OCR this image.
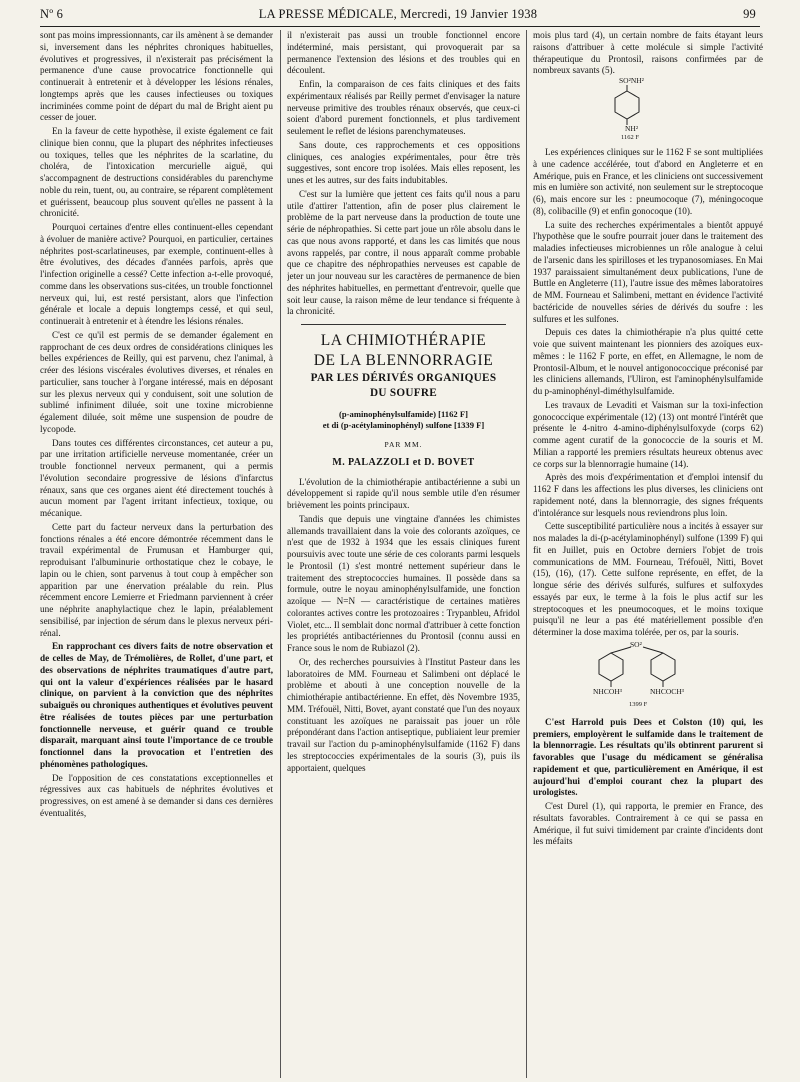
Nº 6	LA PRESSE MÉDICALE, Mercredi, 19 Janvier 1938	99

sont pas moins impressionnants, car ils amènent à se demander si, inversement dans les néphrites chroniques habituelles, évolutives et progressives, il n'existerait pas précisément la permanence d'une cause provocatrice fonctionnelle qui continuerait à entretenir et à développer les lésions rénales, longtemps après que les causes infectieuses ou toxiques incriminées comme point de départ du mal de Bright aient pu cesser de jouer.

En la faveur de cette hypothèse, il existe également ce fait clinique bien connu, que la plupart des néphrites infectieuses ou toxiques, telles que les néphrites de la scarlatine, du choléra, de l'intoxication mercurielle aiguë, qui s'accompagnent de destructions considérables du parenchyme noble du rein, tuent, ou, au contraire, se réparent complètement et guérissent, beaucoup plus souvent qu'elles ne passent à la chronicité.

Pourquoi certaines d'entre elles continuent-elles cependant à évoluer de manière active? Pourquoi, en particulier, certaines néphrites post-scarlatineuses, par exemple, continuent-elles à être évolutives, des décades d'années parfois, après que l'infection originelle a cessé? Cette infection a-t-elle provoqué, comme dans les observations sus-citées, un trouble fonctionnel nerveux qui, lui, est resté persistant, alors que l'infection générale et locale a depuis longtemps cessé, et qui seul, continuerait à entretenir et à étendre les lésions rénales.

C'est ce qu'il est permis de se demander également en rapprochant de ces deux ordres de considérations cliniques les belles expériences de Reilly, qui est parvenu, chez l'animal, à créer des lésions viscérales évolutives diverses, et rénales en particulier, sans toucher à l'organe intéressé, mais en déposant sur les plexus nerveux qui y conduisent, soit une solution de sublimé infiniment diluée, soit une toxine microbienne également diluée, soit même une suspension de poudre de lycopode.

Dans toutes ces différentes circonstances, cet auteur a pu, par une irritation artificielle nerveuse momentanée, créer un trouble fonctionnel nerveux permanent, qui a permis l'évolution secondaire progressive de lésions d'infarctus rénaux, sans que ces organes aient été directement touchés à aucun moment par l'agent irritant infectieux, toxique, ou mécanique.

Cette part du facteur nerveux dans la perturbation des fonctions rénales a été encore démontrée récemment dans le travail expérimental de Frumusan et Hamburger qui, reproduisant l'albuminurie orthostatique chez le cobaye, le lapin ou le chien, sont parvenus à tout coup à empêcher son apparition par une énervation préalable du rein. Plus récemment encore Lemierre et Friedmann parviennent à créer une néphrite anaphylactique chez le lapin, préalablement sensibilisé, par injection de sérum dans le plexus nerveux péri-rénal.

En rapprochant ces divers faits de notre observation et de celles de May, de Trémolières, de Rollet, d'une part, et des observations de néphrites traumatiques d'autre part, qui ont la valeur d'expériences réalisées par le hasard clinique, on parvient à la conviction que des néphrites subaiguës ou chroniques authentiques et évolutives peuvent être réalisées de toutes pièces par une perturbation fonctionnelle nerveuse, et guérir quand ce trouble disparaît, marquant ainsi toute l'importance de ce trouble fonctionnel dans la provocation et l'entretien des phénomènes pathologiques.

De l'opposition de ces constatations exceptionnelles et régressives aux cas habituels de néphrites évolutives et progressives, on est amené à se demander si dans ces dernières éventualités,

il n'existerait pas aussi un trouble fonctionnel encore indéterminé, mais persistant, qui provoquerait par sa permanence l'extension des lésions et des troubles qui en découlent.

Enfin, la comparaison de ces faits cliniques et des faits expérimentaux réalisés par Reilly permet d'envisager la nature nerveuse primitive des troubles rénaux observés, que ceux-ci soient d'abord purement fonctionnels, et plus tardivement seulement le reflet de lésions parenchymateuses.

Sans doute, ces rapprochements et ces oppositions cliniques, ces analogies expérimentales, pour être très suggestives, sont encore trop isolées. Mais elles reposent, les unes et les autres, sur des faits indubitables.

C'est sur la lumière que jettent ces faits qu'il nous a paru utile d'attirer l'attention, afin de poser plus clairement le problème de la part nerveuse dans la production de toute une série de néphropathies. Si cette part joue un rôle absolu dans le cas que nous avons rapporté, et dans les cas limités que nous avons rappelés, par contre, il nous apparaît comme probable que ce chapitre des néphropathies nerveuses est capable de jeter un jour nouveau sur les caractères de permanence de bien des néphrites habituelles, en permettant d'entrevoir, quelle que soit leur cause, la raison même de leur tendance si fréquente à la chronicité.

LA CHIMIOTHÉRAPIE
DE LA BLENNORRAGIE
PAR LES DÉRIVÉS ORGANIQUES
DU SOUFRE
(p-aminophénylsulfamide) [1162 F]
et di (p-acétylaminophényl) sulfone [1339 F]
PAR MM.
M. PALAZZOLI et D. BOVET

L'évolution de la chimiothérapie antibactérienne a subi un développement si rapide qu'il nous semble utile d'en résumer brièvement les points principaux.

Tandis que depuis une vingtaine d'années les chimistes allemands travaillaient dans la voie des colorants azoïques, ce n'est que de 1932 à 1934 que les essais cliniques furent poursuivis avec toute une série de ces colorants parmi lesquels le Prontosil (1) s'est montré nettement supérieur dans le traitement des streptococcies humaines. Il possède dans sa formule, outre le noyau aminophénylsulfamide, une fonction azoïque — N=N — caractéristique de certaines matières colorantes actives contre les protozoaires : Trypanbleu, Afridol Violet, etc... Il semblait donc normal d'attribuer à cette fonction les propriétés antibactériennes du Prontosil (connu aussi en France sous le nom de Rubiazol (2).

Or, des recherches poursuivies à l'Institut Pasteur dans les laboratoires de MM. Fourneau et Salimbeni ont déplacé le problème et abouti à une conception nouvelle de la chimiothérapie antibactérienne. En effet, dès Novembre 1935, MM. Tréfouël, Nitti, Bovet, ayant constaté que l'un des noyaux constituant les azoïques ne paraissait pas jouer un rôle prépondérant dans l'action antiseptique, publiaient leur premier travail sur l'action du p-aminophénylsulfamide (1162 F) dans les streptococcies expérimentales de la souris (3), puis ils apportaient, quelques

mois plus tard (4), un certain nombre de faits étayant leurs raisons d'attribuer à cette molécule si simple l'activité thérapeutique du Prontosil, raisons confirmées par de nombreux savants (5).

SO²NH²
NH²
1162 F

Les expériences cliniques sur le 1162 F se sont multipliées à une cadence accélérée, tout d'abord en Angleterre et en Amérique, puis en France, et les cliniciens ont successivement mis en lumière son activité, non seulement sur le streptocoque (6), mais encore sur les : pneumocoque (7), méningocoque (8), colibacille (9) et enfin gonocoque (10).

La suite des recherches expérimentales a bientôt appuyé l'hypothèse que le soufre pourrait jouer dans le traitement des maladies infectieuses microbiennes un rôle analogue à celui de l'arsenic dans les spirilloses et les trypanosomiases. En Mai 1937 paraissaient simultanément deux publications, l'une de Buttle en Angleterre (11), l'autre issue des mêmes laboratoires de MM. Fourneau et Salimbeni, mettant en évidence l'activité bactéricide de nouvelles séries de dérivés du soufre : les sulfures et les sulfones.

Depuis ces dates la chimiothérapie n'a plus quitté cette voie que suivent maintenant les pionniers des azoïques eux-mêmes : le 1162 F porte, en effet, en Allemagne, le nom de Prontosil-Album, et le nouvel antigonococcique préconisé par les cliniciens allemands, l'Uliron, est l'aminophénylsulfamide du p-aminophényl-diméthylsulfamide.

Les travaux de Levaditi et Vaisman sur la toxi-infection gonococcique expérimentale (12) (13) ont montré l'intérêt que présente le 4-nitro 4-amino-diphénylsulfoxyde (corps 62) comme agent curatif de la gonococcie de la souris et M. Milian a rapporté les premiers résultats heureux obtenus avec ce corps sur la blennorragie humaine (14).

Après des mois d'expérimentation et d'emploi intensif du 1162 F dans les affections les plus diverses, les cliniciens ont rapidement noté, dans la blennorragie, des signes fréquents d'intolérance sur lesquels nous reviendrons plus loin.

Cette susceptibilité particulière nous a incités à essayer sur nos malades la di-(p-acétylaminophényl) sulfone (1399 F) qui fit en Juillet, puis en Octobre derniers l'objet de trois communications de MM. Fourneau, Tréfouël, Nitti, Bovet (15), (16), (17). Cette sulfone représente, en effet, de la longue série des dérivés sulfurés, sulfures et sulfoxydes essayés par eux, le terme à la fois le plus actif sur les streptocoques et les pneumocoques, et le moins toxique puisqu'il ne leur a pas été matériellement possible d'en déterminer la dose maxima tolérée, per os, par la souris.

SO²
NHCOH³	NHCOCH³
1399 F

C'est Harrold puis Dees et Colston (10) qui, les premiers, employèrent le sulfamide dans le traitement de la blennorragie. Les résultats qu'ils obtinrent parurent si favorables que l'usage du médicament se généralisa rapidement et que, particulièrement en Amérique, il est aujourd'hui d'emploi courant chez la plupart des urologistes.

C'est Durel (1), qui rapporta, le premier en France, des résultats favorables. Contrairement à ce qui se passa en Amérique, il fut suivi timidement par crainte d'incidents dont les méfaits
